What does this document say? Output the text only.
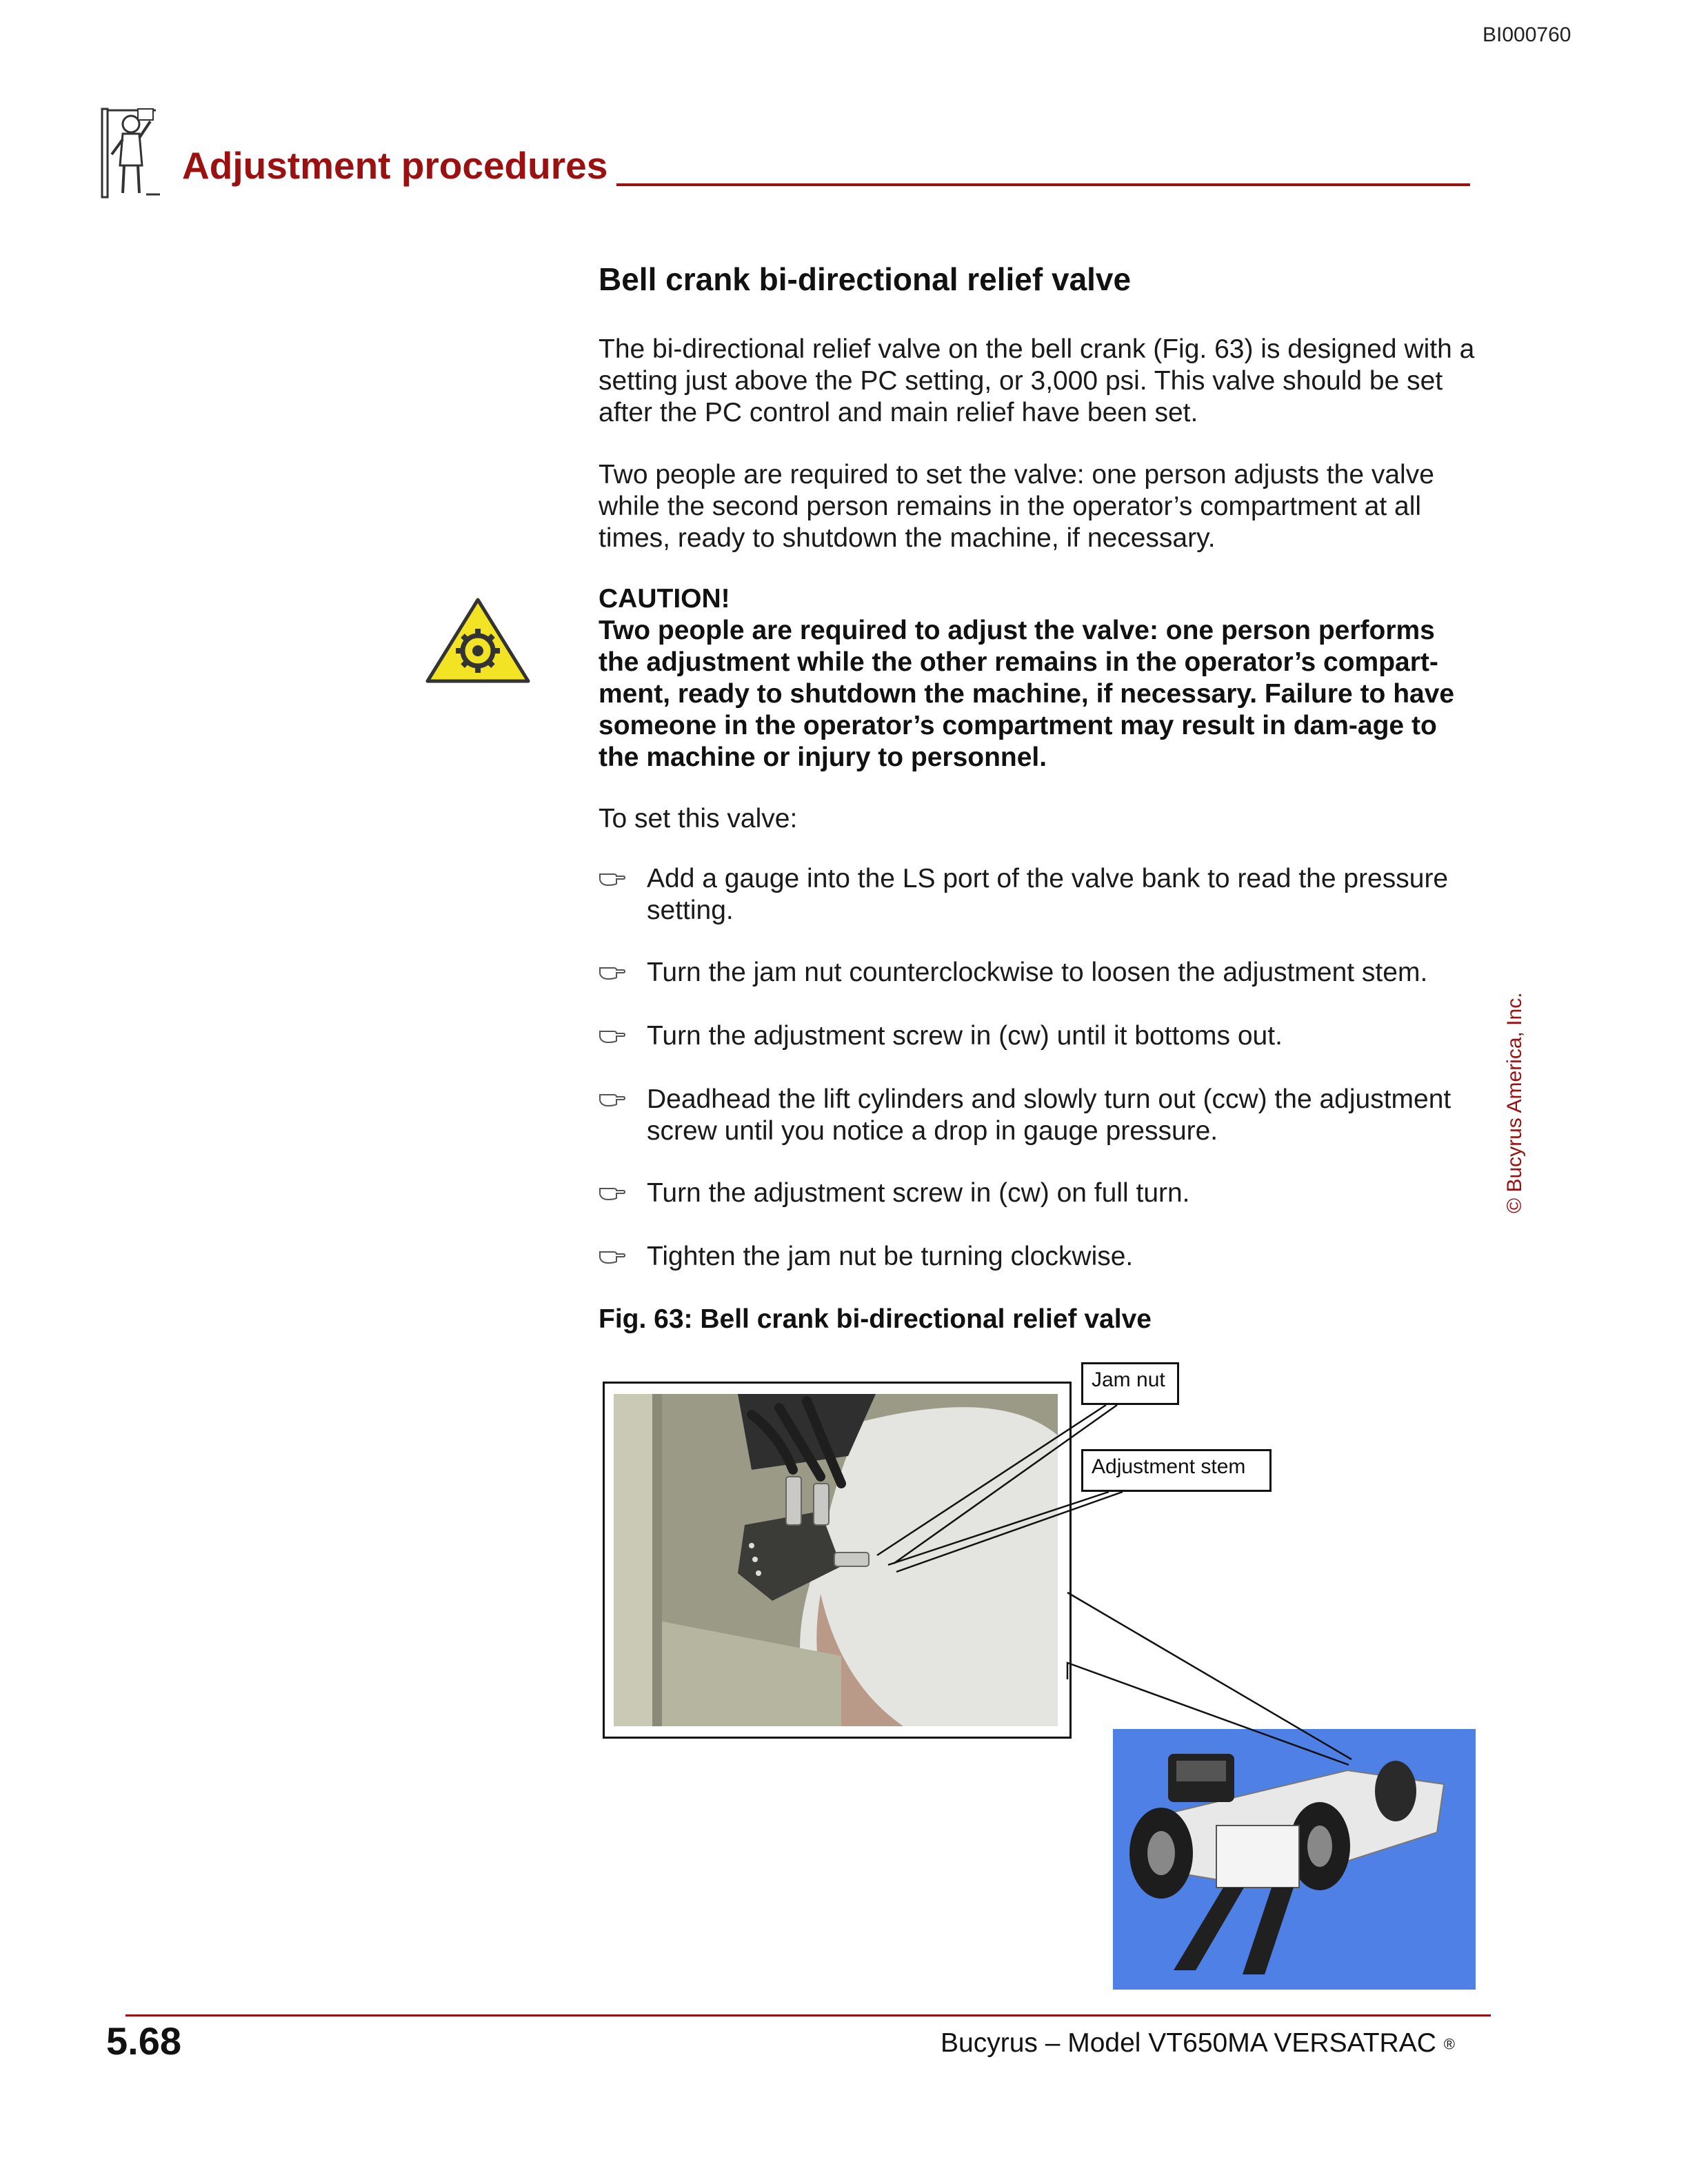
BI000760
Adjustment procedures
Bell crank bi-directional relief valve
The bi-directional relief valve on the bell crank (Fig. 63) is designed with a setting just above the PC setting, or 3,000 psi. This valve should be set after the PC control and main relief have been set.
Two people are required to set the valve: one person adjusts the valve while the second person remains in the operator’s compartment at all times, ready to shutdown the machine, if necessary.
CAUTION!
Two people are required to adjust the valve: one person performs the adjustment while the other remains in the operator’s compart-ment, ready to shutdown the machine, if necessary. Failure to have someone in the operator’s compartment may result in dam-age to the machine or injury to personnel.
To set this valve:
Add a gauge into the LS port of the valve bank to read the pressure setting.
Turn the jam nut counterclockwise to loosen the adjustment stem.
Turn the adjustment screw in (cw) until it bottoms out.
Deadhead the lift cylinders and slowly turn out (ccw) the adjustment screw until you notice a drop in gauge pressure.
Turn the adjustment screw in (cw) on full turn.
Tighten the jam nut be turning clockwise.
Fig. 63: Bell crank bi-directional relief valve
Jam nut
Adjustment stem
© Bucyrus America, Inc.
5.68	Bucyrus – Model VT650MA VERSATRAC ®
